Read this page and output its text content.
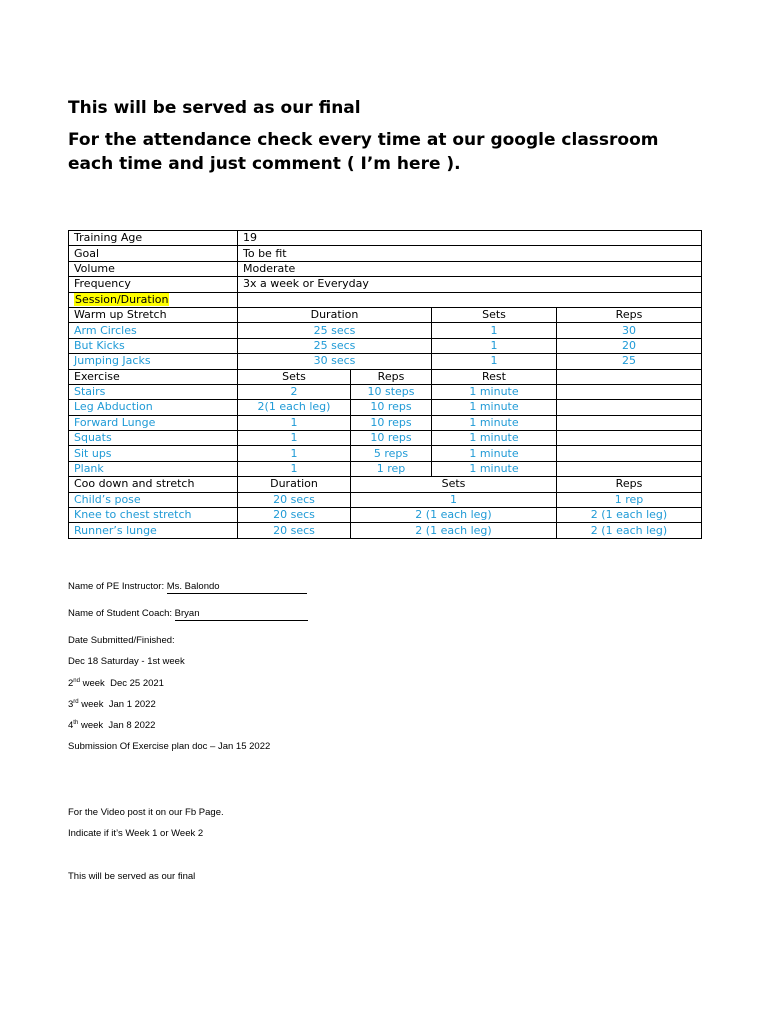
This will be served as our final
For the attendance check every time at our google classroom each time and just comment ( I’m here ).
Training Age	19			
Goal	To be fit			
Volume	Moderate			
Frequency	3x a week or Everyday			
Session/Duration				
Warm up Stretch	Duration		Sets	Reps
Arm Circles	25 secs		1	30
But Kicks	25 secs		1	20
Jumping Jacks	30 secs		1	25
Exercise	Sets	Reps	Rest	
Stairs	2	10 steps	1 minute	
Leg Abduction	2(1 each leg)	10 reps	1 minute	
Forward Lunge	1	10 reps	1 minute	
Squats	1	10 reps	1 minute	
Sit ups	1	5 reps	1 minute	
Plank	1	1 rep	1 minute	
Coo down and stretch	Duration	Sets		Reps
Child’s pose	20 secs	1		1 rep
Knee to chest stretch	20 secs	2 (1 each leg)		2 (1 each leg)
Runner’s lunge	20 secs	2 (1 each leg)		2 (1 each leg)
Name of PE Instructor: Ms. Balondo
Name of Student Coach: Bryan
Date Submitted/Finished:
Dec 18 Saturday - 1st week
2nd week  Dec 25 2021
3rd week  Jan 1 2022
4th week  Jan 8 2022
Submission Of Exercise plan doc – Jan 15 2022
For the Video post it on our Fb Page.
Indicate if it’s Week 1 or Week 2
This will be served as our final
